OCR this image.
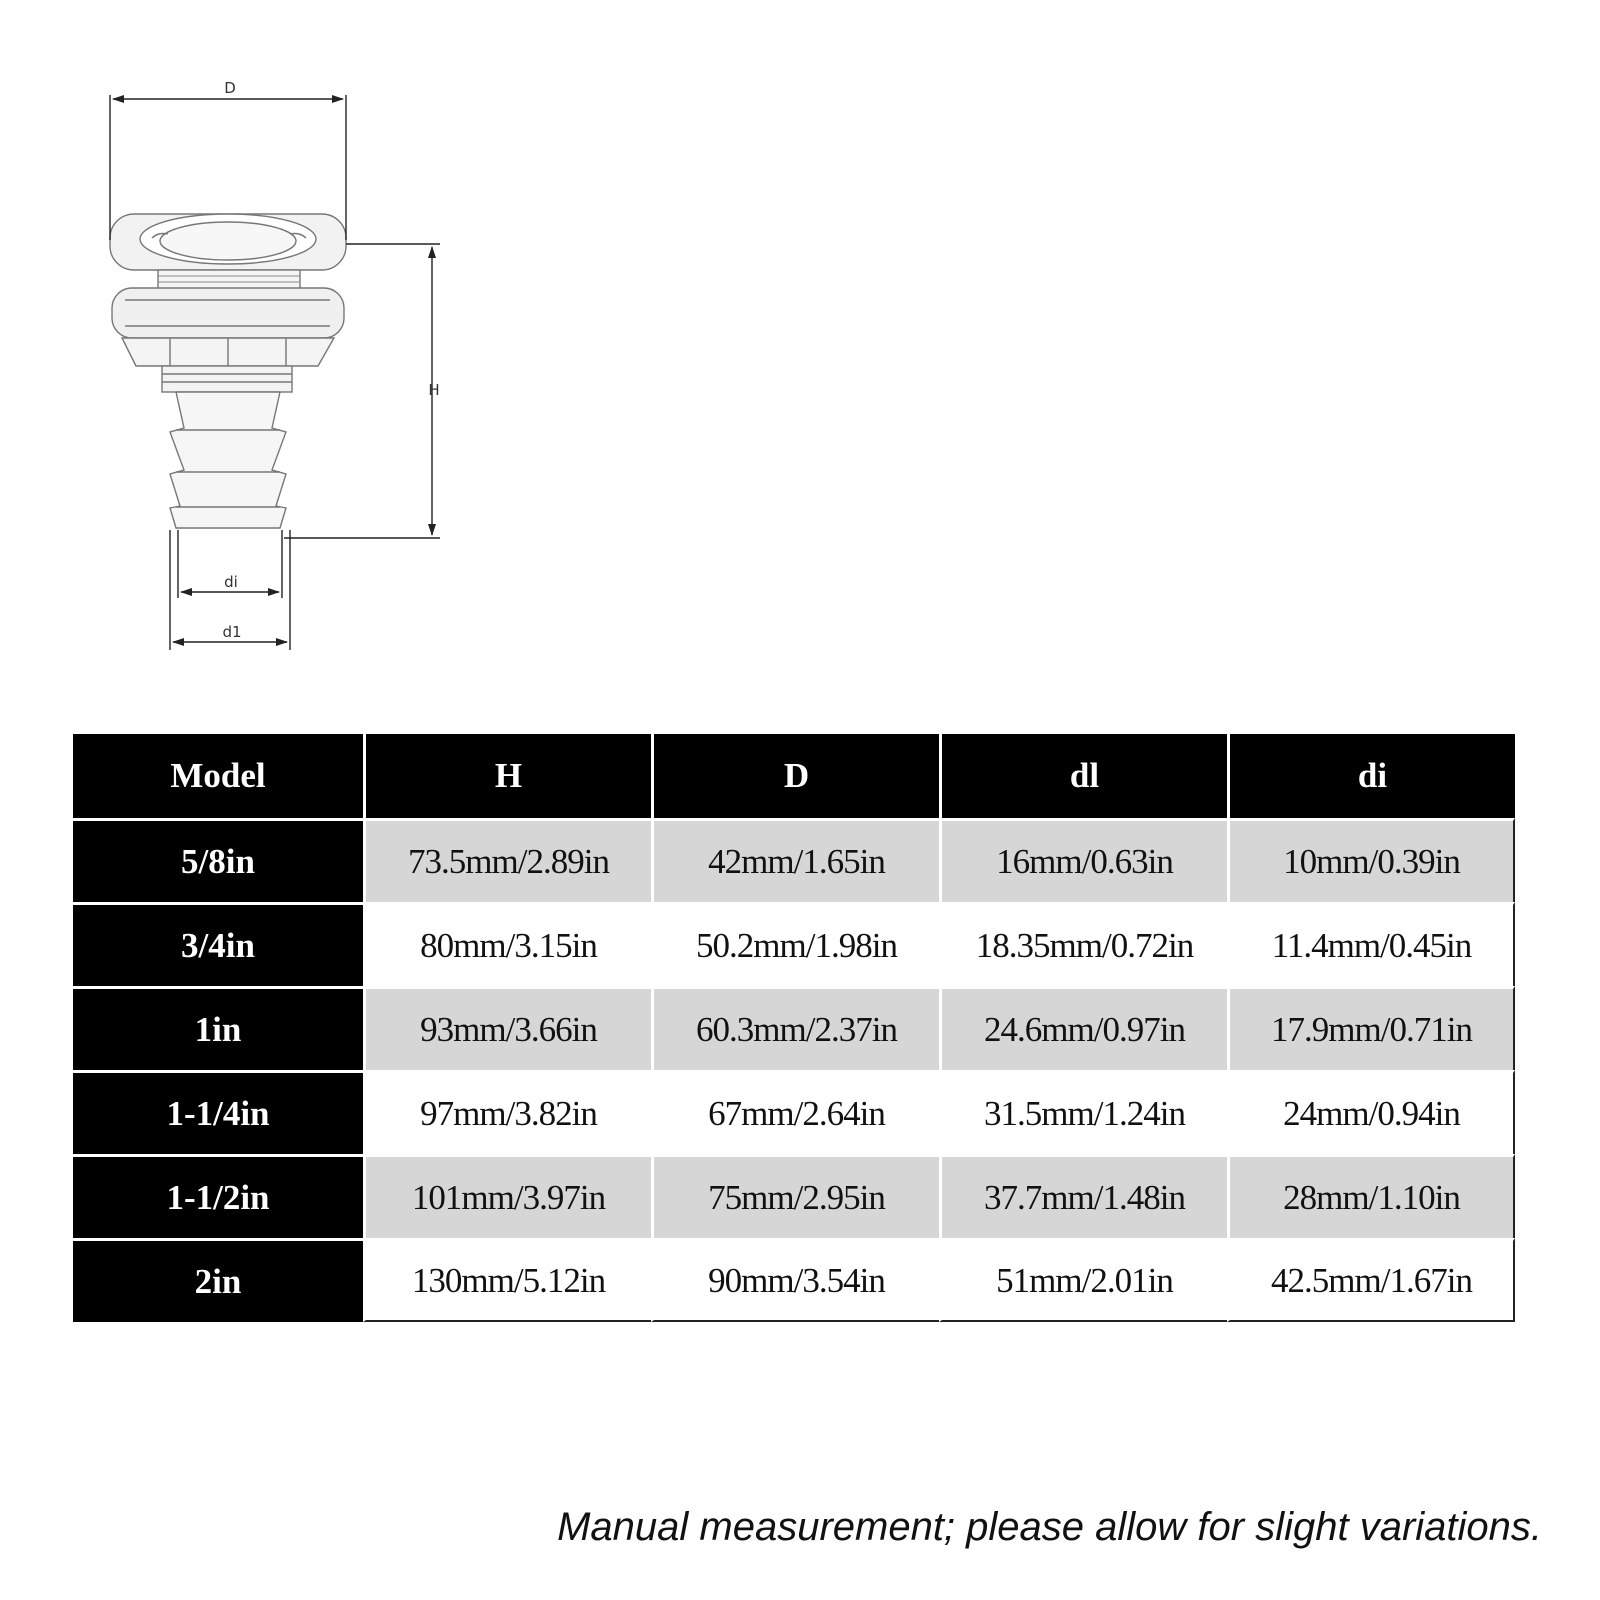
D
H
di
d1
Model	H	D	dl	di
5/8in	73.5mm/2.89in	42mm/1.65in	16mm/0.63in	10mm/0.39in
3/4in	80mm/3.15in	50.2mm/1.98in	18.35mm/0.72in	11.4mm/0.45in
1in	93mm/3.66in	60.3mm/2.37in	24.6mm/0.97in	17.9mm/0.71in
1-1/4in	97mm/3.82in	67mm/2.64in	31.5mm/1.24in	24mm/0.94in
1-1/2in	101mm/3.97in	75mm/2.95in	37.7mm/1.48in	28mm/1.10in
2in	130mm/5.12in	90mm/3.54in	51mm/2.01in	42.5mm/1.67in
Manual measurement; please allow for slight variations.
